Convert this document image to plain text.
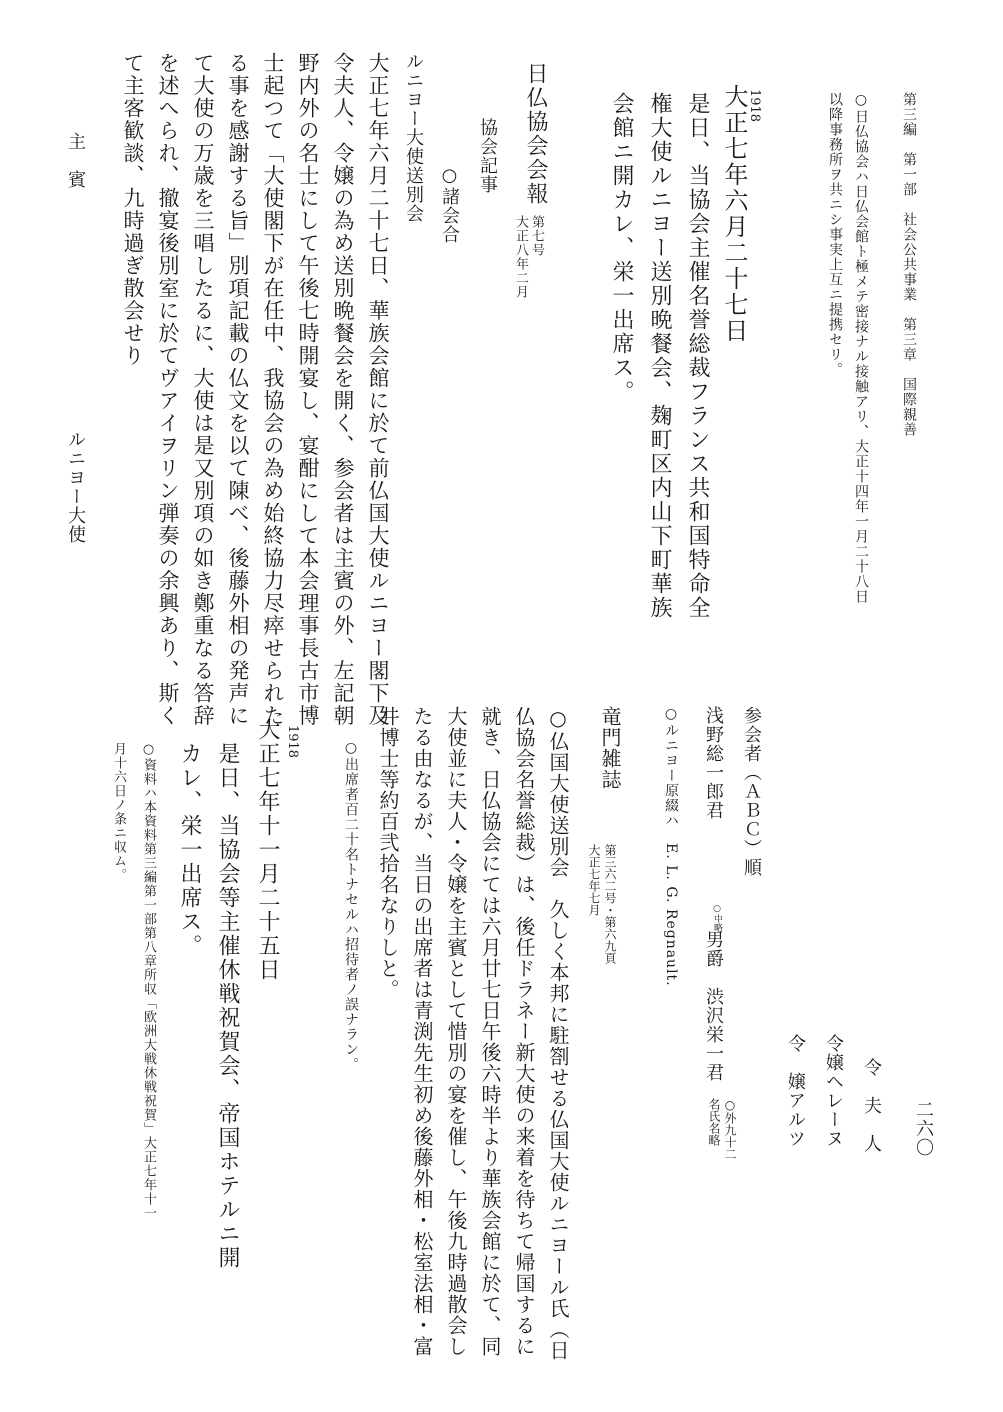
第三編　第一部　社会公共事業　第三章　国際親善
○日仏協会ハ日仏会館ト極メテ密接ナル接触アリ、大正十四年一月二十八日
以降事務所ヲ共ニシ事実上互ニ提携セリ。
1918
大正七年六月二十七日
是日、当協会主催名誉総裁フランス共和国特命全
権大使ルニヨー送別晩餐会、麹町区内山下町華族
会館ニ開カレ、栄一出席ス。
日仏協会会報
第七号
大正八年二月
協会記事
○諸会合
ルニヨー大使送別会
大正七年六月二十七日、華族会館に於て前仏国大使ルニヨー閣下及
令夫人、令嬢の為め送別晩餐会を開く、参会者は主賓の外、左記朝
野内外の名士にして午後七時開宴し、宴酣にして本会理事長古市博
士起つて「大使閣下が在任中、我協会の為め始終協力尽瘁せられた
る事を感謝する旨」別項記載の仏文を以て陳べ、後藤外相の発声に
て大使の万歳を三唱したるに、大使は是又別項の如き鄭重なる答辞
を述へられ、撤宴後別室に於てヴアイヲリン弾奏の余興あり、斯く
て主客歓談、九時過ぎ散会せり
主　賓
ルニヨー大使
二六〇
令　夫　人
令嬢ヘレーヌ
令　嬢アルツ
参会者（ＡＢＣ）順
浅野総一郎君
○中略
男爵　渋沢栄一君
○外九十二
名氏名略
○ルニヨー原綴ハ　E. L. G. Regnault.
竜門雑誌
第三六二号・第六九頁
大正七年七月
○仏国大使送別会　久しく本邦に駐劄せる仏国大使ルニヨール氏（日
仏協会名誉総裁）は、後任ドラネー新大使の来着を待ちて帰国するに
就き、日仏協会にては六月廿七日午後六時半より華族会館に於て、同
大使並に夫人・令嬢を主賓として惜別の宴を催し、午後九時過散会し
たる由なるが、当日の出席者は青渕先生初め後藤外相・松室法相・富
井博士等約百弐拾名なりしと。
○出席者百二十名トナセルハ招待者ノ誤ナラン。
1918
大正七年十一月二十五日
是日、当協会等主催休戦祝賀会、帝国ホテルニ開
カレ、栄一出席ス。
○資料ハ本資料第三編第一部第八章所収「欧洲大戦休戦祝賀」大正七年十一
月十六日ノ条ニ収ム。
